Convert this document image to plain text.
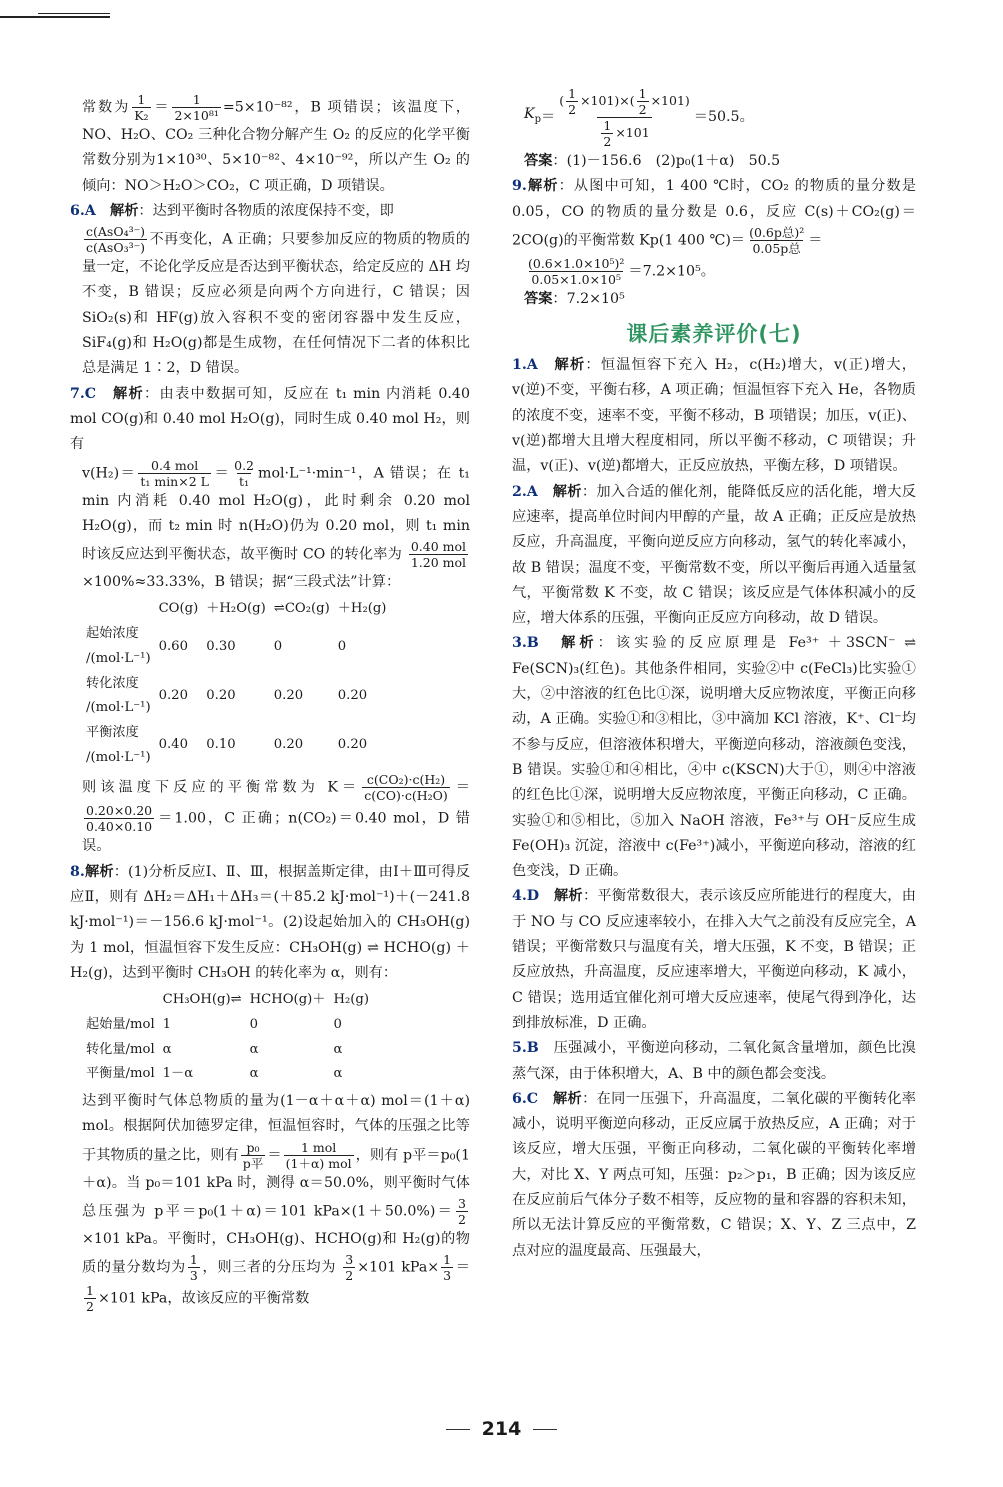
常数为 $\frac{1}{\text{K₂}} = \frac{1}{\text{2×10⁸¹}} =5\times 10^{-82}$，B 项错误；该温度下，NO、H₂O、CO₂ 三种化合物分解产生 O₂ 的反应的化学平衡常数分别为1×10³⁰、5×10⁻⁸²、4×10⁻⁹²，所以产生 O₂ 的倾向：NO＞H₂O＞CO₂，C 项正确，D 项错误。
6.A　 解析：达到平衡时各物质的浓度保持不变，即
$\frac{\text{c(AsO₄³⁻)}}{\text{c(AsO₃³⁻)}}$ 不再变化，A 正确；只要参加反应的物质的物质的量一定，不论化学反应是否达到平衡状态，给定反应的 ΔH 均不变，B 错误；反应必须是向两个方向进行，C 错误；因 SiO₂(s)和 HF(g)放入容积不变的密闭容器中发生反应，SiF₄(g)和 H₂O(g)都是生成物，在任何情况下二者的体积比总是满足 1∶2，D 错误。
7.C　 解析：由表中数据可知，反应在 t₁ min 内消耗 0.40 mol CO(g)和 0.40 mol H₂O(g)，同时生成 0.40 mol H₂，则有
$v(H_2)= \frac{\text{0.4 mol}}{\text{t₁ min×2 L}} = \frac{0.2}{\text{t₁}} mol\cdot L^{-1}\cdot\min^{-1}$，A 错误；在 t₁ min 内消耗 0.40 mol H₂O(g)，此时剩余 0.20 mol H₂O(g)，而 t₂ min 时 n(H₂O)仍为 0.20 mol，则 t₁ min 时该反应达到平衡状态，故平衡时 CO 的转化率为 $\frac{\text{0.40 mol}}{\text{1.20 mol}}$
×100%≈33.33%，B 错误；据“三段式法”计算：
	CO(g)	＋H₂O(g)	⇌CO₂(g)	＋H₂(g)
起始浓度
/(mol·L⁻¹)	0.60	0.30	0	0
转化浓度
/(mol·L⁻¹)	0.20	0.20	0.20	0.20
平衡浓度
/(mol·L⁻¹)	0.40	0.10	0.20	0.20
则该温度下反应的平衡常数为 $K= \frac{\text{c(CO₂)·c(H₂)}}{\text{c(CO)·c(H₂O)}}$ ＝
$\frac{0.20\times 0.20}{0.40\times 0.10} =1.00$，C 正确；n(CO₂)＝0.40 mol，D 错误。
8.解析：(1)分析反应Ⅰ、Ⅱ、Ⅲ，根据盖斯定律，由Ⅰ＋Ⅲ可得反应Ⅱ，则有 ΔH₂＝ΔH₁＋ΔH₃＝(＋85.2 kJ·mol⁻¹)＋(－241.8 kJ·mol⁻¹)＝－156.6 kJ·mol⁻¹。(2)设起始加入的 CH₃OH(g)为 1 mol，恒温恒容下发生反应：CH₃OH(g) ⇌ HCHO(g) ＋ H₂(g)，达到平衡时 CH₃OH 的转化率为 α，则有：
	CH₃OH(g)⇌	HCHO(g)＋	H₂(g)
起始量/mol	1	0	0
转化量/mol	α	α	α
平衡量/mol	1－α	α	α
达到平衡时气体总物质的量为(1－α＋α＋α) mol＝(1＋α) mol。根据阿伏加德罗定律，恒温恒容时，气体的压强之比等于其物质的量之比，则有 $\frac{\text{p₀}}{\text{p平}} = \frac{\text{1 mol}}{\text{(1＋α) mol}}$ ，则有 p平＝p₀(1＋α)。当 p₀＝101 kPa 时，测得 α＝50.0%，则平衡时气体总压强为 p平＝p₀(1＋α)＝101 $kPa\times(1+50.0\%)= \frac{3}{2}$
×101 kPa。平衡时，CH₃OH(g)、HCHO(g)和 H₂(g)的物质的量分数均为 $\frac{1}{3}$ ，则三者的分压均为 $\frac{3}{2} \times 101$ $kPa\times \frac{1}{3}$ ＝
$\frac{1}{2} \times 101$ kPa，故该反应的平衡常数
$K_p = \frac{( \frac{1}{2} \times 101)\times( \frac{1}{2} \times 101)}{\frac{1}{2} \times 101} =50.5$。
答案：(1)－156.6　(2)p₀(1＋α)　50.5
9.解析：从图中可知，1 400 ℃时，CO₂ 的物质的量分数是 0.05，CO 的物质的量分数是 0.6，反应 C(s)＋CO₂(g)＝2CO(g)的平衡常数 Kp(1 400 ℃)＝ $\frac{\text{(0.6p总)²}}{\text{0.05p总}}$ ＝
$\frac{\text{(0.6×1.0×10⁵)²}}{\text{0.05×1.0×10⁵}} =7.2\times 10^5$。
答案：7.2×10⁵
课后素养评价(七)
1.A　 解析：恒温恒容下充入 H₂，c(H₂)增大，v(正)增大，v(逆)不变，平衡右移，A 项正确；恒温恒容下充入 He，各物质的浓度不变，速率不变，平衡不移动，B 项错误；加压，v(正)、v(逆)都增大且增大程度相同，所以平衡不移动，C 项错误；升温，v(正)、v(逆)都增大，正反应放热，平衡左移，D 项错误。
2.A　 解析：加入合适的催化剂，能降低反应的活化能，增大反应速率，提高单位时间内甲醇的产量，故 A 正确；正反应是放热反应，升高温度，平衡向逆反应方向移动，氢气的转化率减小，故 B 错误；温度不变，平衡常数不变，所以平衡后再通入适量氢气，平衡常数 K 不变，故 C 错误；该反应是气体体积减小的反应，增大体系的压强，平衡向正反应方向移动，故 D 错误。
3.B　 解析：该实验的反应原理是 Fe³⁺ ＋3SCN⁻ ⇌ Fe(SCN)₃(红色)。其他条件相同，实验②中 c(FeCl₃)比实验①大，②中溶液的红色比①深，说明增大反应物浓度，平衡正向移动，A 正确。实验①和③相比，③中滴加 KCl 溶液，K⁺、Cl⁻均不参与反应，但溶液体积增大，平衡逆向移动，溶液颜色变浅，B 错误。实验①和④相比，④中 c(KSCN)大于①，则④中溶液的红色比①深，说明增大反应物浓度，平衡正向移动，C 正确。实验①和⑤相比，⑤加入 NaOH 溶液，Fe³⁺与 OH⁻反应生成 Fe(OH)₃ 沉淀，溶液中 c(Fe³⁺)减小，平衡逆向移动，溶液的红色变浅，D 正确。
4.D　 解析：平衡常数很大，表示该反应所能进行的程度大，由于 NO 与 CO 反应速率较小，在排入大气之前没有反应完全，A 错误；平衡常数只与温度有关，增大压强，K 不变，B 错误；正反应放热，升高温度，反应速率增大，平衡逆向移动，K 减小，C 错误；选用适宜催化剂可增大反应速率，使尾气得到净化，达到排放标准，D 正确。
5.B　 压强减小，平衡逆向移动，二氧化氮含量增加，颜色比溴蒸气深，由于体积增大，A、B 中的颜色都会变浅。
6.C　 解析：在同一压强下，升高温度，二氧化碳的平衡转化率减小，说明平衡逆向移动，正反应属于放热反应，A 正确；对于该反应，增大压强，平衡正向移动，二氧化碳的平衡转化率增大，对比 X、Y 两点可知，压强：p₂＞p₁，B 正确；因为该反应在反应前后气体分子数不相等，反应物的量和容器的容积未知，所以无法计算反应的平衡常数，C 错误；X、Y、Z 三点中，Z 点对应的温度最高、压强最大，
214
